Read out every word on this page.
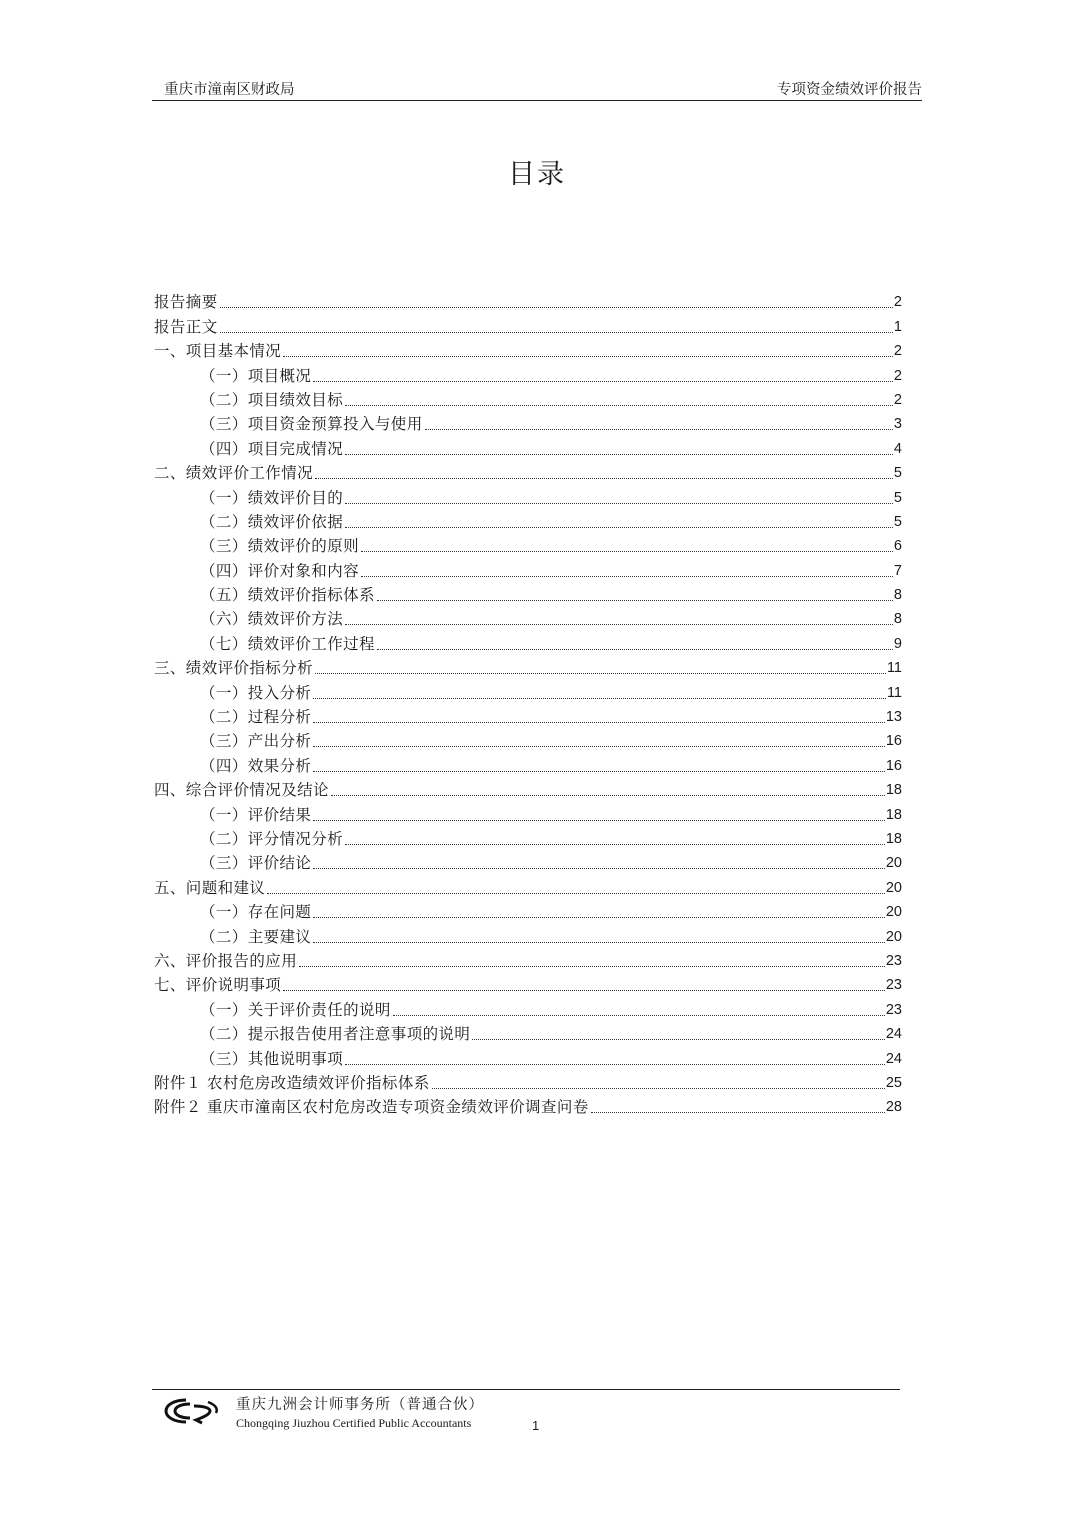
重庆市潼南区财政局	专项资金绩效评价报告
目录
报告摘要	2
报告正文	1
一、项目基本情况	2
（一）项目概况	2
（二）项目绩效目标	2
（三）项目资金预算投入与使用	3
（四）项目完成情况	4
二、绩效评价工作情况	5
（一）绩效评价目的	5
（二）绩效评价依据	5
（三）绩效评价的原则	6
（四）评价对象和内容	7
（五）绩效评价指标体系	8
（六）绩效评价方法	8
（七）绩效评价工作过程	9
三、绩效评价指标分析	11
（一）投入分析	11
（二）过程分析	13
（三）产出分析	16
（四）效果分析	16
四、综合评价情况及结论	18
（一）评价结果	18
（二）评分情况分析	18
（三）评价结论	20
五、问题和建议	20
（一）存在问题	20
（二）主要建议	20
六、评价报告的应用	23
七、评价说明事项	23
（一）关于评价责任的说明	23
（二）提示报告使用者注意事项的说明	24
（三）其他说明事项	24
附件１ 农村危房改造绩效评价指标体系	25
附件２ 重庆市潼南区农村危房改造专项资金绩效评价调查问卷	28
重庆九洲会计师事务所（普通合伙）
Chongqing Jiuzhou Certified Public Accountants	1
